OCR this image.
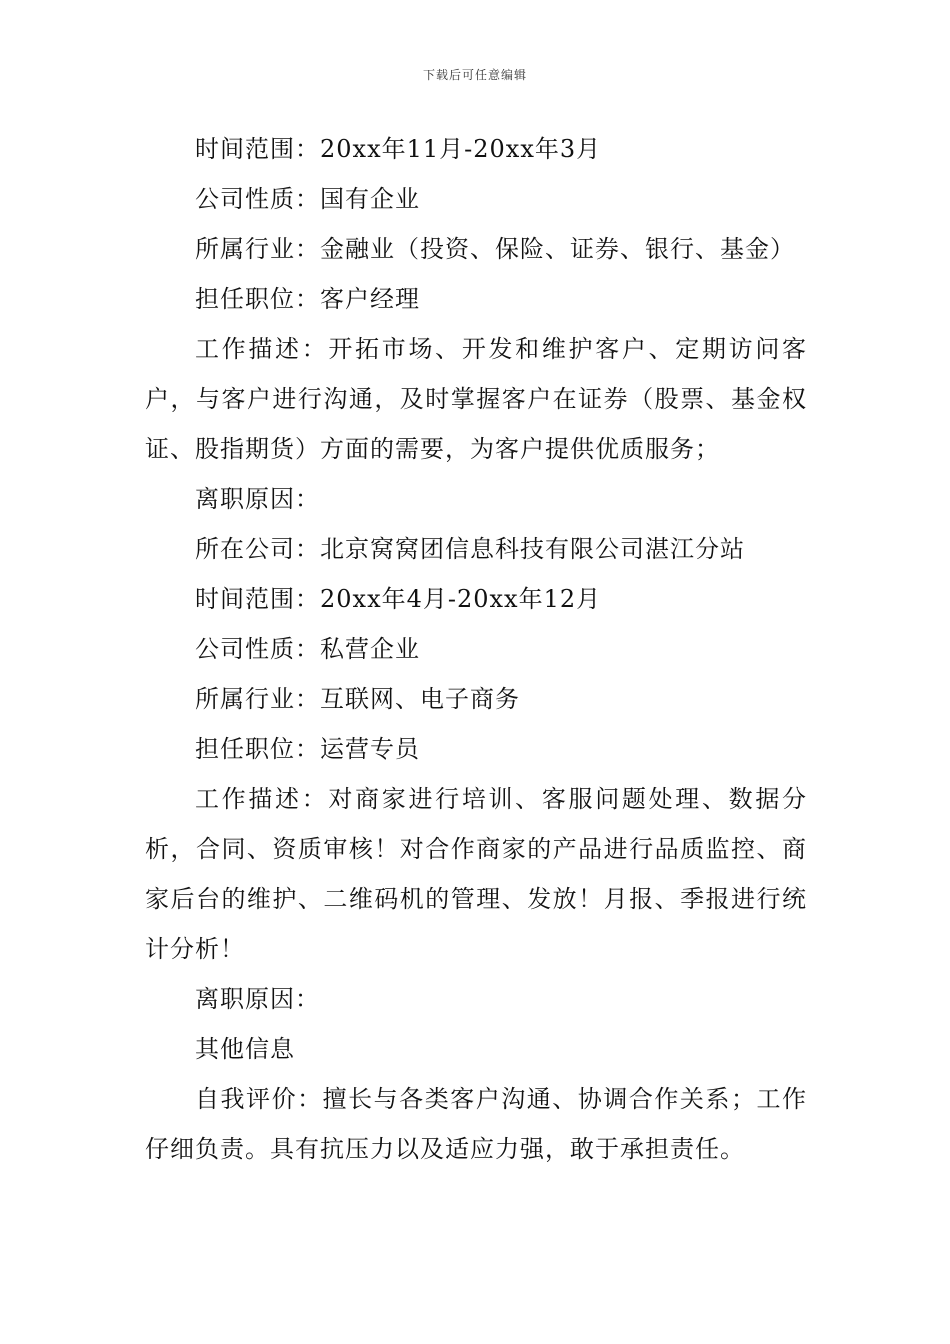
下载后可任意编辑

时间范围：20xx年11月-20xx年3月

公司性质：国有企业

所属行业：金融业（投资、保险、证券、银行、基金）

担任职位：客户经理

工作描述：开拓市场、开发和维护客户、定期访问客户，与客户进行沟通，及时掌握客户在证券（股票、基金权证、股指期货）方面的需要，为客户提供优质服务；

离职原因：

所在公司：北京窝窝团信息科技有限公司湛江分站

时间范围：20xx年4月-20xx年12月

公司性质：私营企业

所属行业：互联网、电子商务

担任职位：运营专员

工作描述：对商家进行培训、客服问题处理、数据分析，合同、资质审核！对合作商家的产品进行品质监控、商家后台的维护、二维码机的管理、发放！月报、季报进行统计分析！

离职原因：

其他信息

自我评价：擅长与各类客户沟通、协调合作关系；工作仔细负责。具有抗压力以及适应力强，敢于承担责任。
